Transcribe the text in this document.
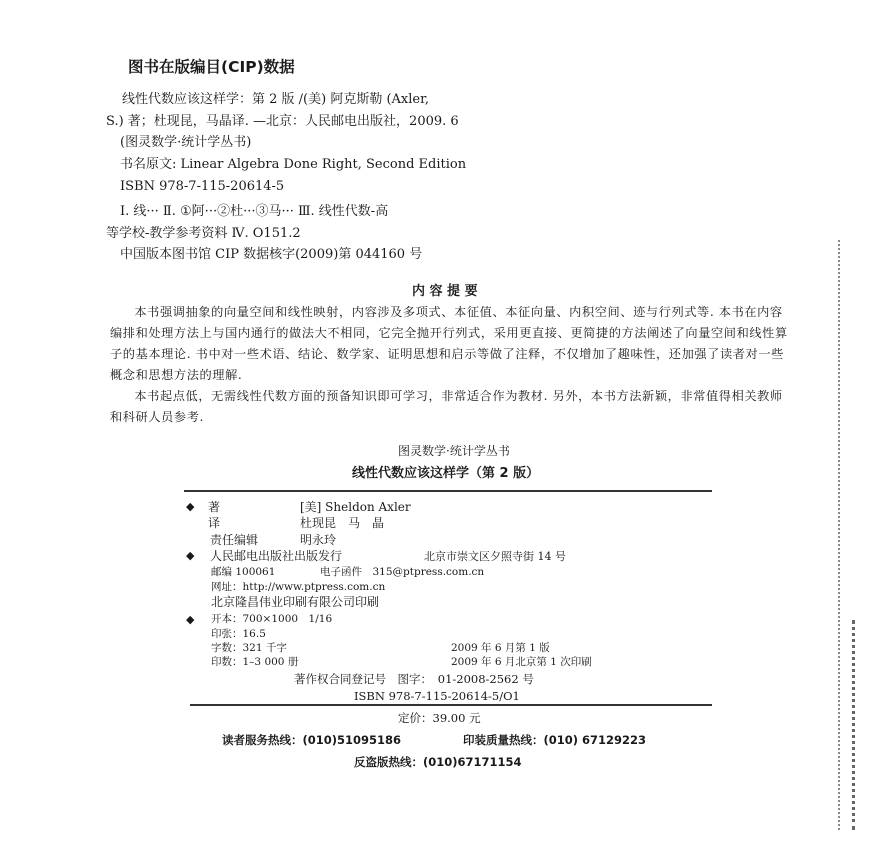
图书在版编目(CIP)数据
线性代数应该这样学：第 2 版 /(美) 阿克斯勒 (Axler,
S.) 著；杜现昆，马晶译. —北京：人民邮电出版社，2009. 6
(图灵数学·统计学丛书)
书名原文: Linear Algebra Done Right, Second Edition
ISBN 978-7-115-20614-5
Ⅰ. 线··· Ⅱ. ①阿···②杜···③马··· Ⅲ. 线性代数-高
等学校-教学参考资料 Ⅳ. O151.2
中国版本图书馆 CIP 数据核字(2009)第 044160 号
内 容 提 要

本书强调抽象的向量空间和线性映射，内容涉及多项式、本征值、本征向量、内积空间、迹与行列式等. 本书在内容编排和处理方法上与国内通行的做法大不相同，它完全抛开行列式，采用更直接、更简捷的方法阐述了向量空间和线性算子的基本理论. 书中对一些术语、结论、数学家、证明思想和启示等做了注释，不仅增加了趣味性，还加强了读者对一些概念和思想方法的理解.

本书起点低，无需线性代数方面的预备知识即可学习，非常适合作为教材. 另外，本书方法新颖，非常值得相关教师和科研人员参考.

图灵数学·统计学丛书
线性代数应该这样学（第 2 版）
◆ 著	[美] Sheldon Axler
译	杜现昆　马　晶
责任编辑	明永玲
◆ 人民邮电出版社出版发行	北京市崇文区夕照寺街 14 号
邮编 100061	电子函件　315@ptpress.com.cn
网址：http://www.ptpress.com.cn
北京隆昌伟业印刷有限公司印刷
◆ 开本：700×1000　1/16
印张：16.5
字数：321 千字	2009 年 6 月第 1 版
印数：1–3 000 册	2009 年 6 月北京第 1 次印刷
著作权合同登记号　图字：　01-2008-2562 号
ISBN 978-7-115-20614-5/O1
定价：39.00 元
读者服务热线：(010)51095186	印装质量热线：(010) 67129223
反盗版热线：(010)67171154
